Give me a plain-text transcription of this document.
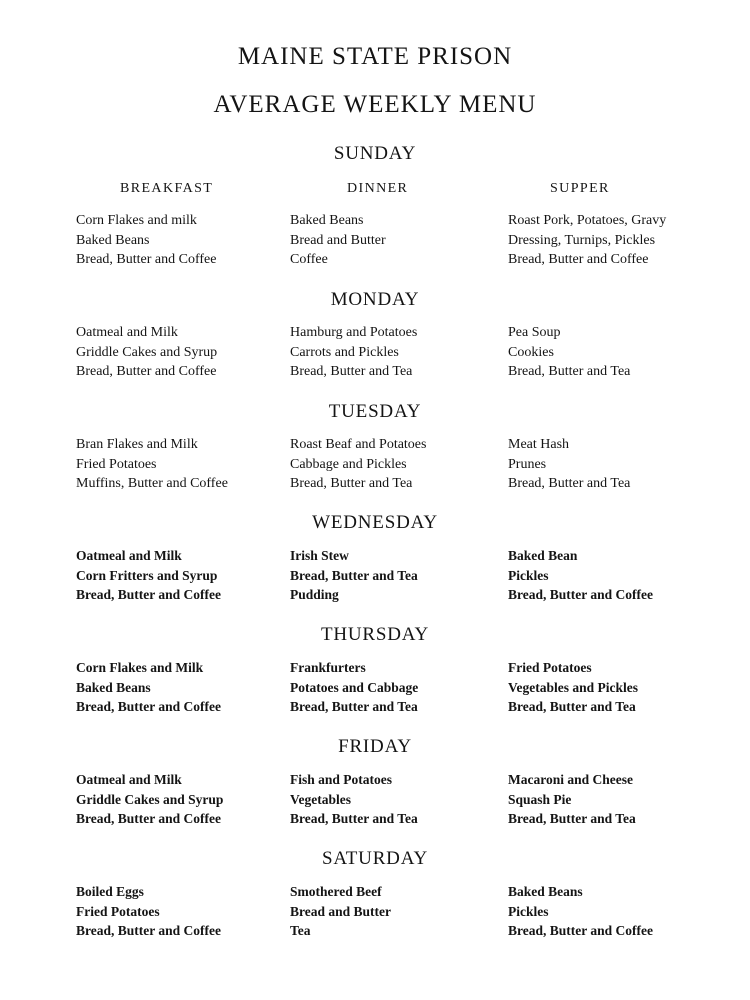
MAINE STATE PRISON
AVERAGE WEEKLY MENU
BREAKFAST	DINNER	SUPPER
SUNDAY
Corn Flakes and milk
Baked Beans
Bread, Butter and Coffee
Baked Beans
Bread and Butter
Coffee
Roast Pork, Potatoes, Gravy
Dressing, Turnips, Pickles
Bread, Butter and Coffee
MONDAY
Oatmeal and Milk
Griddle Cakes and Syrup
Bread, Butter and Coffee
Hamburg and Potatoes
Carrots and Pickles
Bread, Butter and Tea
Pea Soup
Cookies
Bread, Butter and Tea
TUESDAY
Bran Flakes and Milk
Fried Potatoes
Muffins, Butter and Coffee
Roast Beaf and Potatoes
Cabbage and Pickles
Bread, Butter and Tea
Meat Hash
Prunes
Bread, Butter and Tea
WEDNESDAY
Oatmeal and Milk
Corn Fritters and Syrup
Bread, Butter and Coffee
Irish Stew
Bread, Butter and Tea
Pudding
Baked Bean
Pickles
Bread, Butter and Coffee
THURSDAY
Corn Flakes and Milk
Baked Beans
Bread, Butter and Coffee
Frankfurters
Potatoes and Cabbage
Bread, Butter and Tea
Fried Potatoes
Vegetables and Pickles
Bread, Butter and Tea
FRIDAY
Oatmeal and Milk
Griddle Cakes and Syrup
Bread, Butter and Coffee
Fish and Potatoes
Vegetables
Bread, Butter and Tea
Macaroni and Cheese
Squash Pie
Bread, Butter and Tea
SATURDAY
Boiled Eggs
Fried Potatoes
Bread, Butter and Coffee
Smothered Beef
Bread and Butter
Tea
Baked Beans
Pickles
Bread, Butter and Coffee
